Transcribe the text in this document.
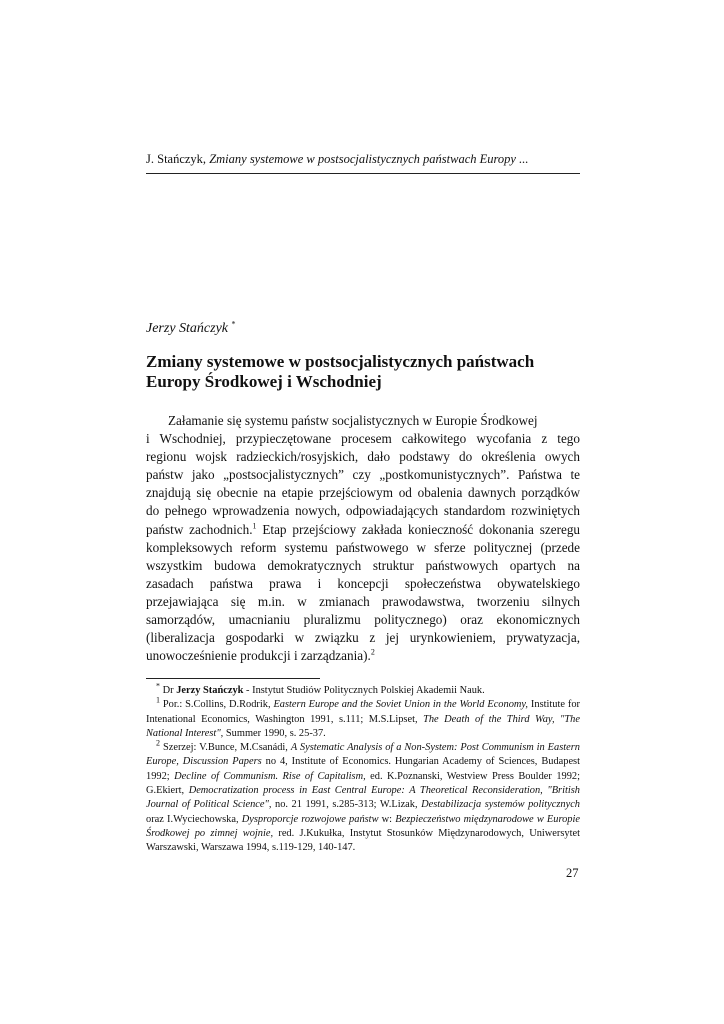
J. Stańczyk, Zmiany systemowe w postsocjalistycznych państwach Europy ...
Jerzy Stańczyk *
Zmiany systemowe w postsocjalistycznych państwach
Europy Środkowej i Wschodniej
Załamanie się systemu państw socjalistycznych w Europie Środkowej
i Wschodniej, przypieczętowane procesem całkowitego wycofania z tego
regionu wojsk radzieckich/rosyjskich, dało podstawy do określenia owych
państw jako „postsocjalistycznych” czy „postkomunistycznych”. Państwa te
znajdują się obecnie na etapie przejściowym od obalenia dawnych porządków
do pełnego wprowadzenia nowych, odpowiadających standardom rozwiniętych
państw zachodnich.$^1$ Etap przejściowy zakłada konieczność dokonania szeregu
kompleksowych reform systemu państwowego w sferze politycznej (przede
wszystkim budowa demokratycznych struktur państwowych opartych na
zasadach państwa prawa i koncepcji społeczeństwa obywatelskiego
przejawiająca się m.in. w zmianach prawodawstwa, tworzeniu silnych
samorządów, umacnianiu pluralizmu politycznego) oraz ekonomicznych
(liberalizacja gospodarki w związku z jej urynkowieniem, prywatyzacja,
unowocześnienie produkcji i zarządzania).$^2$

* Dr Jerzy Stańczyk - Instytut Studiów Politycznych Polskiej Akademii Nauk.

$^1$ Por.: S.Collins, D.Rodrik, Eastern Europe and the Soviet Union in the World Economy, Institute for Intenational Economics, Washington 1991, s.111; M.S.Lipset, The Death of the Third Way, "The National Interest", Summer 1990, s. 25-37.

$^2$ Szerzej: V.Bunce, M.Csanádi, A Systematic Analysis of a Non-System: Post Communism in Eastern Europe, Discussion Papers no 4, Institute of Economics. Hungarian Academy of Sciences, Budapest 1992; Decline of Communism. Rise of Capitalism, ed. K.Poznanski, Westview Press Boulder 1992; G.Ekiert, Democratization process in East Central Europe: A Theoretical Reconsideration, "British Journal of Political Science", no. 21 1991, s.285-313; W.Lizak, Destabilizacja systemów politycznych oraz I.Wyciechowska, Dysproporcje rozwojowe państw w: Bezpieczeństwo międzynarodowe w Europie Środkowej po zimnej wojnie, red. J.Kukułka, Instytut Stosunków Międzynarodowych, Uniwersytet Warszawski, Warszawa 1994, s.119-129, 140-147.

27
